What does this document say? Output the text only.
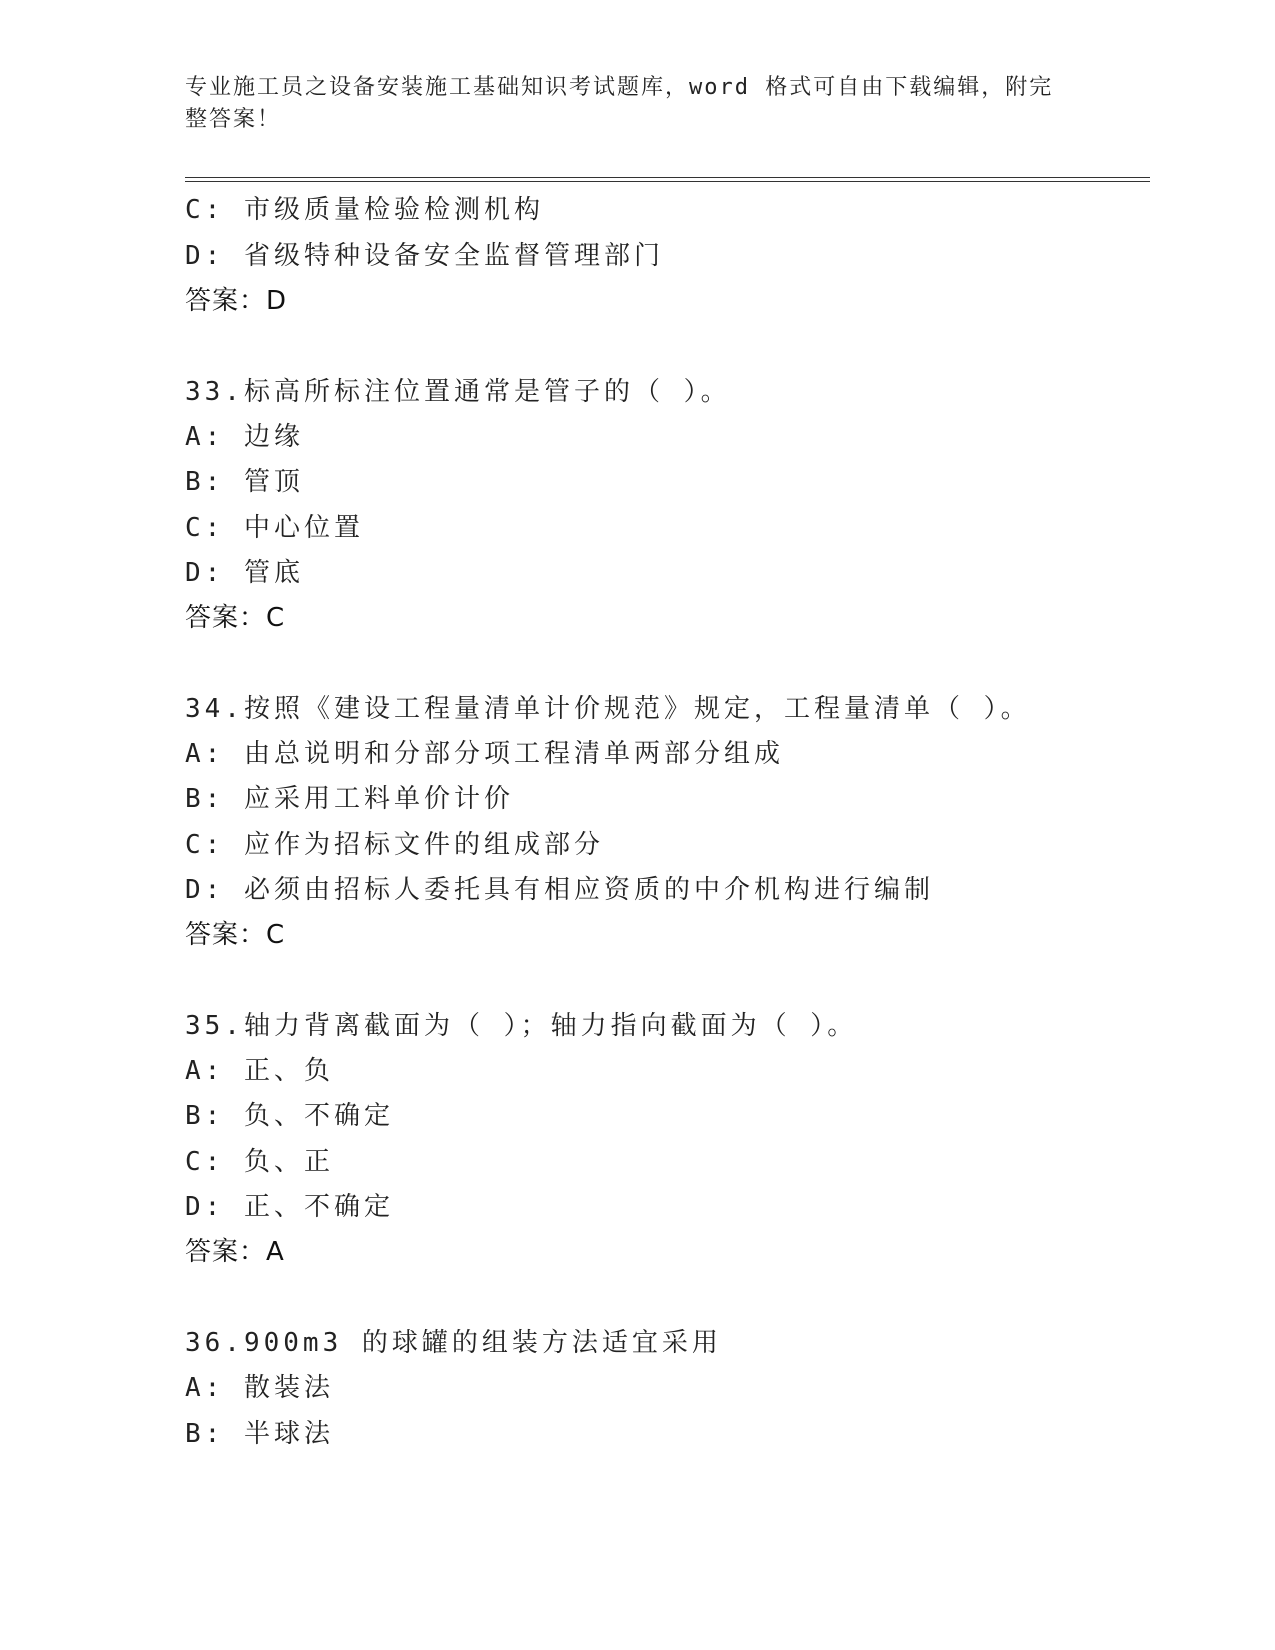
专业施工员之设备安装施工基础知识考试题库，word 格式可自由下载编辑，附完整答案！
C: 市级质量检验检测机构
D: 省级特种设备安全监督管理部门
答案：D
33.标高所标注位置通常是管子的（ ）。
A: 边缘
B: 管顶
C: 中心位置
D: 管底
答案：C
34.按照《建设工程量清单计价规范》规定，工程量清单（ ）。
A: 由总说明和分部分项工程清单两部分组成
B: 应采用工料单价计价
C: 应作为招标文件的组成部分
D: 必须由招标人委托具有相应资质的中介机构进行编制
答案：C
35.轴力背离截面为（ ）；轴力指向截面为（ ）。
A: 正、负
B: 负、不确定
C: 负、正
D: 正、不确定
答案：A
36.900m3 的球罐的组装方法适宜采用
A: 散装法
B: 半球法
